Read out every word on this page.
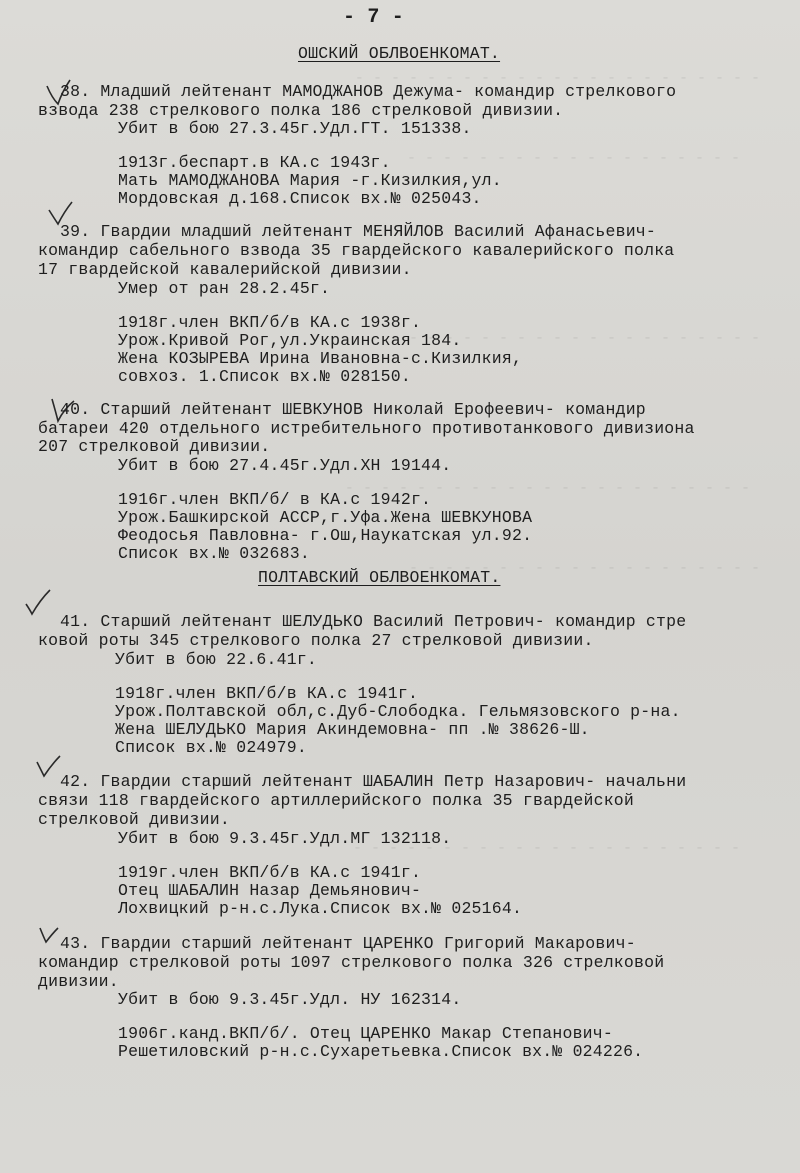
- - - - - - - - - - - - - - - - - - - - - - -
- - - - - - - - - - - - - - - - - - -
- - - - - - - - - - - - - - - - - - - - -
- - - - - - - - - - - - - - - - - - - - - - -
- - - - - - - - - - - - - - - - - - - -
- - - - - - - - - - - - - - - - - - - - - -
- 7 -
ОШСКИЙ ОБЛВОЕНКОМАТ.
38. Младший лейтенант МАМОДЖАНОВ Дежума- командир стрелкового
взвода 238 стрелкового полка 186 стрелковой дивизии.
Убит в бою 27.3.45г.Удл.ГТ. 151338.
1913г.беспарт.в КА.с 1943г.
Мать МАМОДЖАНОВА Мария -г.Кизилкия,ул.
Мордовская д.168.Список вх.№ 025043.
39. Гвардии младший лейтенант МЕНЯЙЛОВ Василий Афанасьевич-
командир сабельного взвода 35 гвардейского кавалерийского полка
17 гвардейской кавалерийской дивизии.
Умер от ран 28.2.45г.
1918г.член ВКП/б/в КА.с 1938г.
Урож.Кривой Рог,ул.Украинская 184.
Жена КОЗЫРЕВА Ирина Ивановна-с.Кизилкия,
совхоз. 1.Список вх.№ 028150.
40. Старший лейтенант ШЕВКУНОВ Николай Ерофеевич- командир
батареи 420 отдельного истребительного противотанкового дивизиона
207 стрелковой дивизии.
Убит в бою 27.4.45г.Удл.ХН 19144.
1916г.член ВКП/б/ в КА.с 1942г.
Урож.Башкирской АССР,г.Уфа.Жена ШЕВКУНОВА
Феодосья Павловна- г.Ош,Наукатская ул.92.
Список вх.№ 032683.
ПОЛТАВСКИЙ ОБЛВОЕНКОМАТ.
41. Старший лейтенант ШЕЛУДЬКО Василий Петрович- командир стре
ковой роты 345 стрелкового полка 27 стрелковой дивизии.
Убит в бою 22.6.41г.
1918г.член ВКП/б/в КА.с 1941г.
Урож.Полтавской обл,с.Дуб-Слободка. Гельмязовского р-на.
Жена ШЕЛУДЬКО Мария Акиндемовна- пп .№ 38626-Ш.
Список вх.№ 024979.
42. Гвардии старший лейтенант ШАБАЛИН Петр Назарович- начальни
связи 118 гвардейского артиллерийского полка 35 гвардейской
стрелковой дивизии.
Убит в бою 9.3.45г.Удл.МГ 132118.
1919г.член ВКП/б/в КА.с 1941г.
Отец ШАБАЛИН Назар Демьянович-
Лохвицкий р-н.с.Лука.Список вх.№ 025164.
43. Гвардии старший лейтенант ЦАРЕНКО Григорий Макарович-
командир стрелковой роты 1097 стрелкового полка 326 стрелковой
дивизии.
Убит в бою 9.3.45г.Удл. НУ 162314.
1906г.канд.ВКП/б/. Отец ЦАРЕНКО Макар Степанович-
Решетиловский р-н.с.Сухаретьевка.Список вх.№ 024226.
